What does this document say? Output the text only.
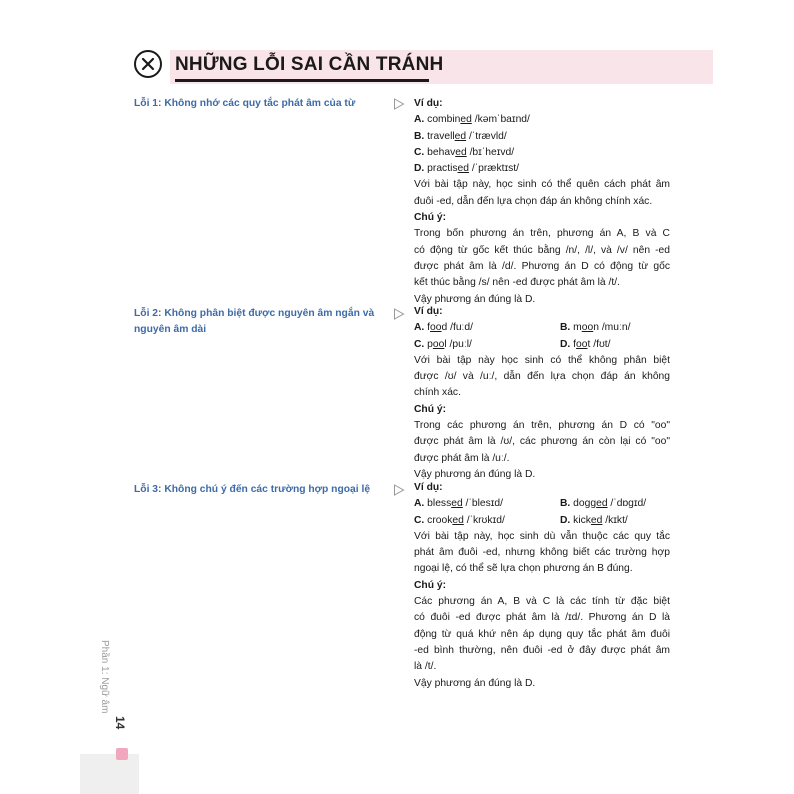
NHỮNG LỖI SAI CẦN TRÁNH
Lỗi 1: Không nhớ các quy tắc phát âm của từ	Ví dụ:
A. combined /kəmˈbaɪnd/
B. travelled /ˈtrævld/
C. behaved /bɪˈheɪvd/
D. practised /ˈpræktɪst/
Với bài tập này, học sinh có thể quên cách phát âm
đuôi -ed, dẫn đến lựa chọn đáp án không chính xác.
Chú ý:
Trong bốn phương án trên, phương án A, B và C
có động từ gốc kết thúc bằng /n/, /l/, và /v/ nên -ed
được phát âm là /d/. Phương án D có động từ gốc
kết thúc bằng /s/ nên -ed được phát âm là /t/.
Vậy phương án đúng là D.
Lỗi 2: Không phân biệt được nguyên âm ngắn và nguyên âm dài
Ví dụ:
A. food /fuːd/	B. moon /muːn/
C. pool /puːl/	D. foot /fʊt/
Với bài tập này học sinh có thể không phân biệt
được /ʊ/ và /uː/, dẫn đến lựa chọn đáp án không
chính xác.
Chú ý:
Trong các phương án trên, phương án D có "oo"
được phát âm là /ʊ/, các phương án còn lại có "oo"
được phát âm là /uː/.
Vậy phương án đúng là D.
Lỗi 3: Không chú ý đến các trường hợp ngoại lệ	Ví dụ:
A. blessed /ˈblesɪd/	B. dogged /ˈdɒɡɪd/
C. crooked /ˈkrʊkɪd/	D. kicked /kɪkt/
Với bài tập này, học sinh dù vẫn thuộc các quy tắc
phát âm đuôi -ed, nhưng không biết các trường hợp
ngoại lệ, có thể sẽ lựa chọn phương án B đúng.
Chú ý:
Các phương án A, B và C là các tính từ đặc biệt
có đuôi -ed được phát âm là /ɪd/. Phương án D là
động từ quá khứ nên áp dụng quy tắc phát âm đuôi
-ed bình thường, nên đuôi -ed ở đây được phát âm
là /t/.
Vậy phương án đúng là D.
Phần 1: Ngữ âm
14
